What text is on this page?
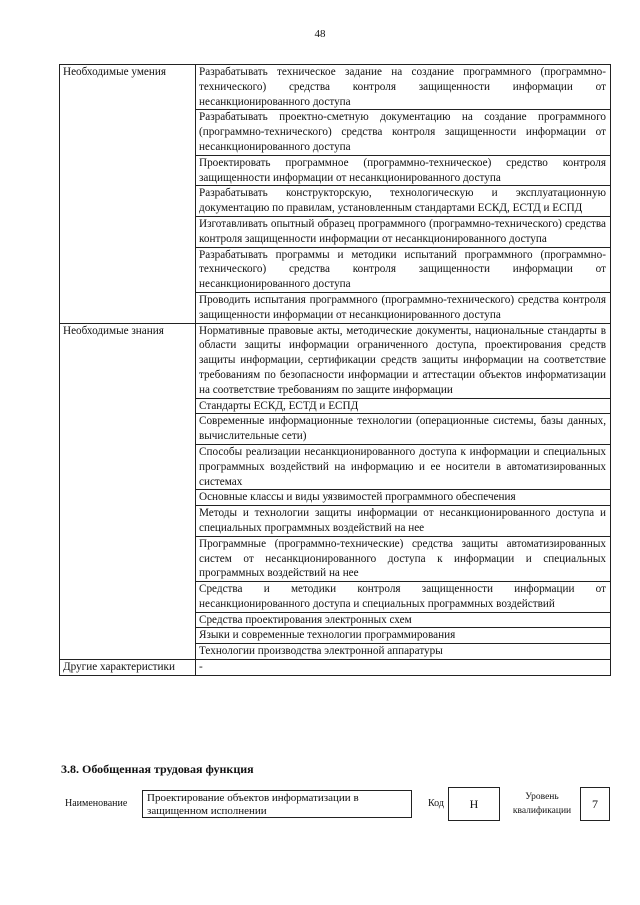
48
Необходимые умения	Разрабатывать техническое задание на создание программного (программно-технического) средства контроля защищенности информации от несанкционированного доступа
	Разрабатывать проектно-сметную документацию на создание программного (программно-технического) средства контроля защищенности информации от несанкционированного доступа
	Проектировать программное (программно-техническое) средство контроля защищенности информации от несанкционированного доступа
	Разрабатывать конструкторскую, технологическую и эксплуатационную документацию по правилам, установленным стандартами ЕСКД, ЕСТД и ЕСПД
	Изготавливать опытный образец программного (программно-технического) средства контроля защищенности информации от несанкционированного доступа
	Разрабатывать программы и методики испытаний программного (программно-технического) средства контроля защищенности информации от несанкционированного доступа
	Проводить испытания программного (программно-технического) средства контроля защищенности информации от несанкционированного доступа

Необходимые знания	Нормативные правовые акты, методические документы, национальные стандарты в области защиты информации ограниченного доступа, проектирования средств защиты информации, сертификации средств защиты информации на соответствие требованиям по безопасности информации и аттестации объектов информатизации на соответствие требованиям по защите информации
	Стандарты ЕСКД, ЕСТД и ЕСПД
	Современные информационные технологии (операционные системы, базы данных, вычислительные сети)
	Способы реализации несанкционированного доступа к информации и специальных программных воздействий на информацию и ее носители в автоматизированных системах
	Основные классы и виды уязвимостей программного обеспечения
	Методы и технологии защиты информации от несанкционированного доступа и специальных программных воздействий на нее
	Программные (программно-технические) средства защиты автоматизированных систем от несанкционированного доступа к информации и специальных программных воздействий на нее
	Средства и методики контроля защищенности информации от несанкционированного доступа и специальных программных воздействий
	Средства проектирования электронных схем
	Языки и современные технологии программирования
	Технологии производства электронной аппаратуры
Другие характеристики	-
3.8. Обобщенная трудовая функция
Наименование	Проектирование объектов информатизации в защищенном исполнении
Код	H	Уровень квалификации	7
